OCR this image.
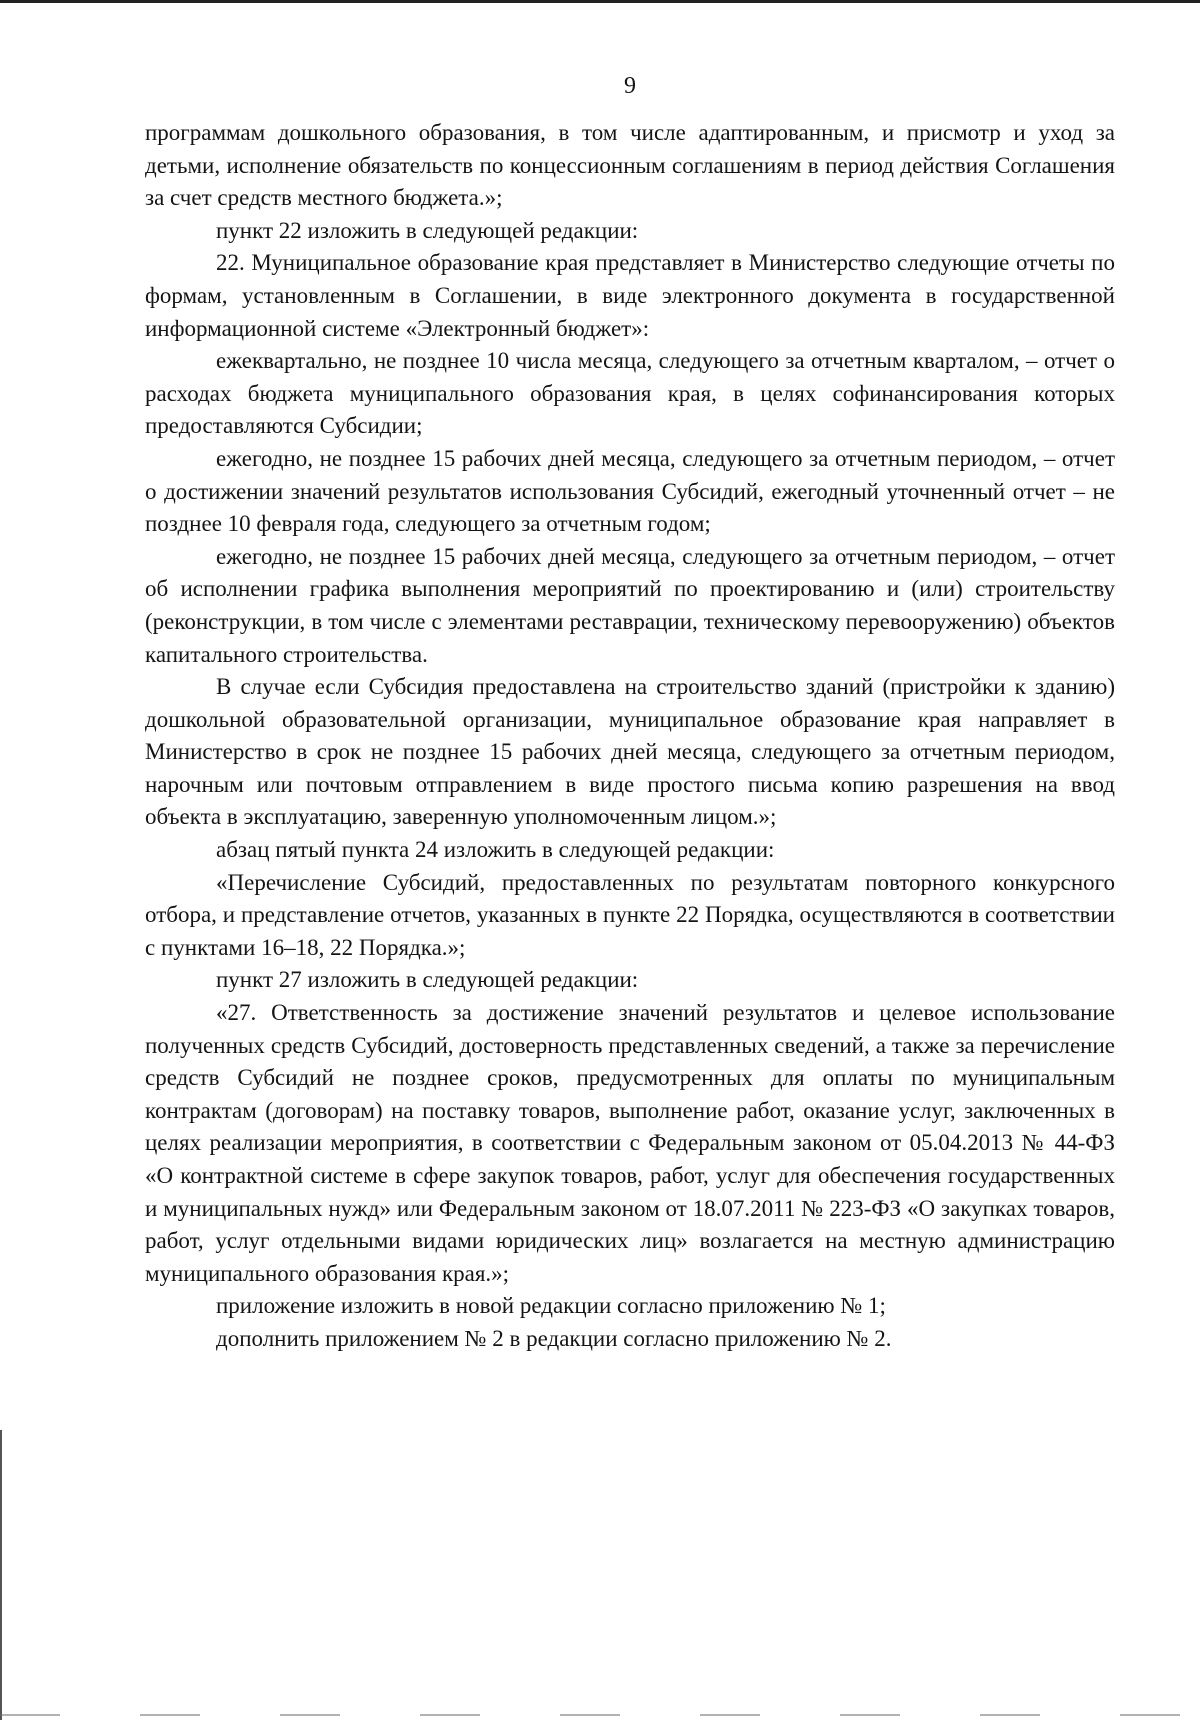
9

программам дошкольного образования, в том числе адаптированным, и присмотр и уход за детьми, исполнение обязательств по концессионным соглашениям в период действия Соглашения за счет средств местного бюджета.»;

пункт 22 изложить в следующей редакции:

22. Муниципальное образование края представляет в Министерство следующие отчеты по формам, установленным в Соглашении, в виде электронного документа в государственной информационной системе «Электронный бюджет»:

ежеквартально, не позднее 10 числа месяца, следующего за отчетным кварталом, – отчет о расходах бюджета муниципального образования края, в целях софинансирования которых предоставляются Субсидии;

ежегодно, не позднее 15 рабочих дней месяца, следующего за отчетным периодом, – отчет о достижении значений результатов использования Субсидий, ежегодный уточненный отчет – не позднее 10 февраля года, следующего за отчетным годом;

ежегодно, не позднее 15 рабочих дней месяца, следующего за отчетным периодом, – отчет об исполнении графика выполнения мероприятий по проектированию и (или) строительству (реконструкции, в том числе с элементами реставрации, техническому перевооружению) объектов капитального строительства.

В случае если Субсидия предоставлена на строительство зданий (пристройки к зданию) дошкольной образовательной организации, муниципальное образование края направляет в Министерство в срок не позднее 15 рабочих дней месяца, следующего за отчетным периодом, нарочным или почтовым отправлением в виде простого письма копию разрешения на ввод объекта в эксплуатацию, заверенную уполномоченным лицом.»;

абзац пятый пункта 24 изложить в следующей редакции:

«Перечисление Субсидий, предоставленных по результатам повторного конкурсного отбора, и представление отчетов, указанных в пункте 22 Порядка, осуществляются в соответствии с пунктами 16–18, 22 Порядка.»;

пункт 27 изложить в следующей редакции:

«27. Ответственность за достижение значений результатов и целевое использование полученных средств Субсидий, достоверность представленных сведений, а также за перечисление средств Субсидий не позднее сроков, предусмотренных для оплаты по муниципальным контрактам (договорам) на поставку товаров, выполнение работ, оказание услуг, заключенных в целях реализации мероприятия, в соответствии с Федеральным законом от 05.04.2013 № 44-ФЗ «О контрактной системе в сфере закупок товаров, работ, услуг для обеспечения государственных и муниципальных нужд» или Федеральным законом от 18.07.2011 № 223-ФЗ «О закупках товаров, работ, услуг отдельными видами юридических лиц» возлагается на местную администрацию муниципального образования края.»;

приложение изложить в новой редакции согласно приложению № 1;

дополнить приложением № 2 в редакции согласно приложению № 2.
